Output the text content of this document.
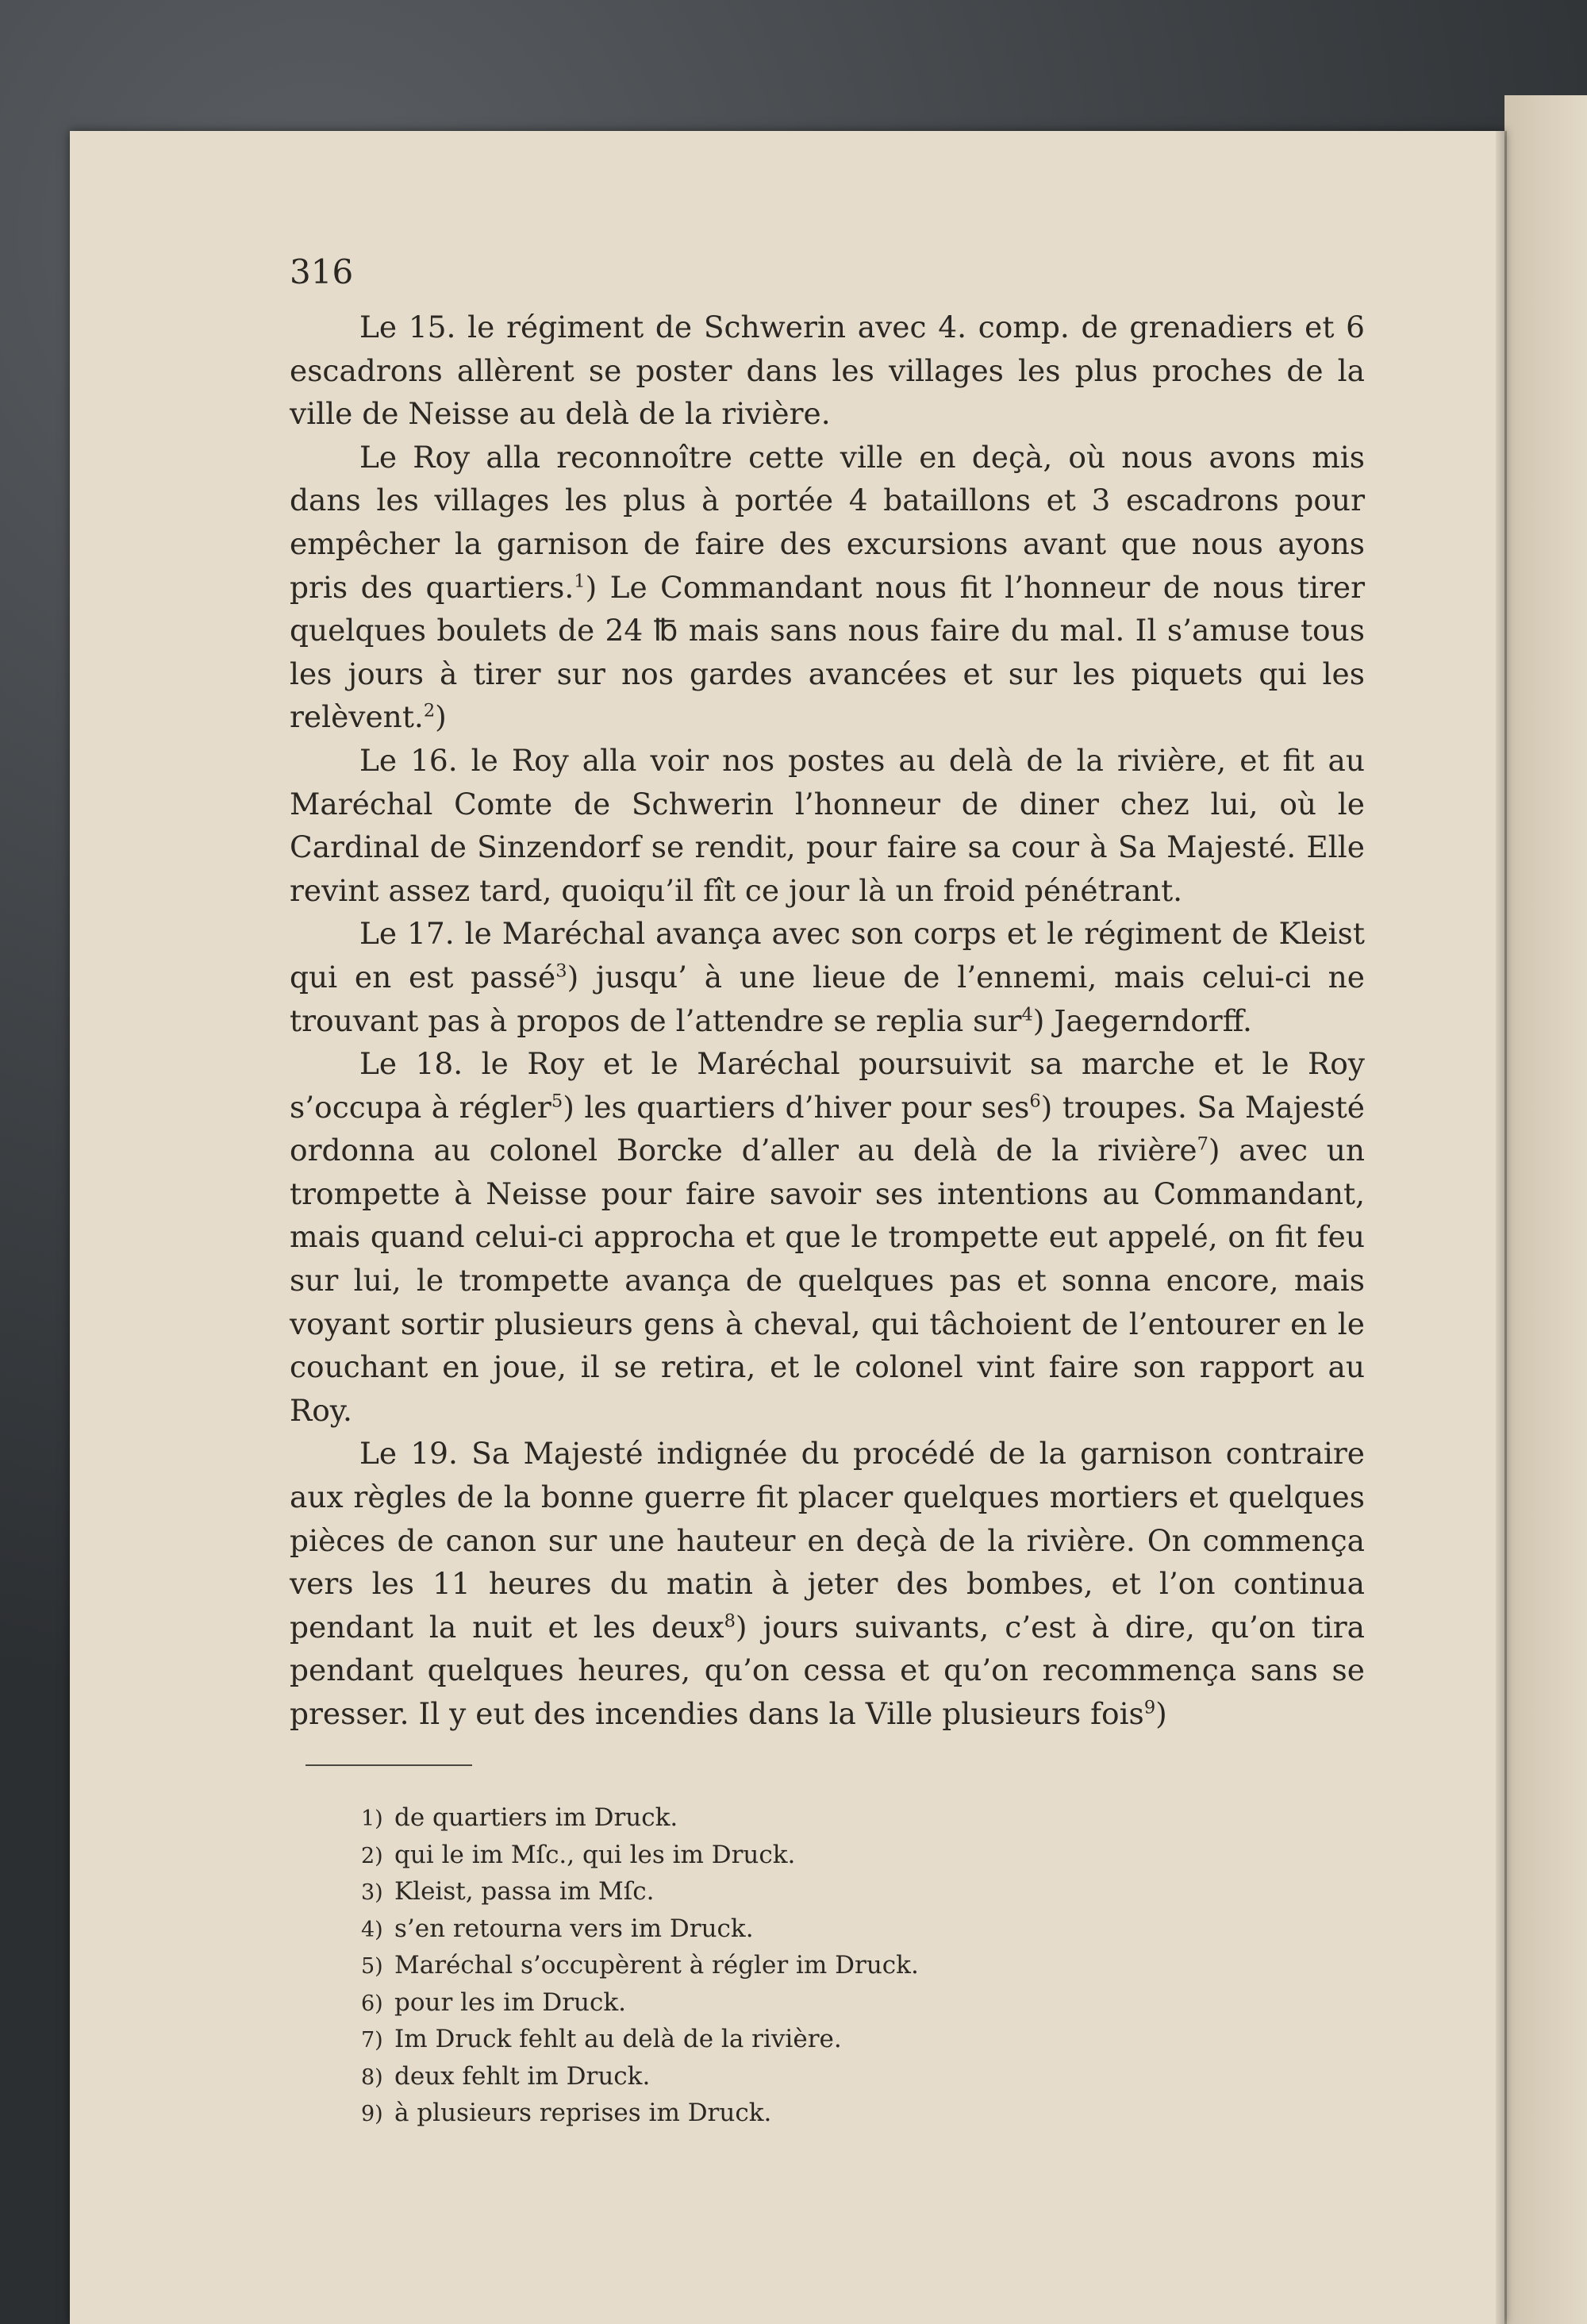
316

Le 15. le régiment de Schwerin avec 4. comp. de grenadiers et 6 escadrons allèrent se poster dans les villages les plus proches de la ville de Neisse au delà de la rivière.

Le Roy alla reconnoître cette ville en deçà, où nous avons mis dans les villages les plus à portée 4 bataillons et 3 escadrons pour empêcher la garnison de faire des excursions avant que nous ayons pris des quartiers.$^1$) Le Commandant nous fit l’honneur de nous tirer quelques boulets de 24 ℔ mais sans nous faire du mal. Il s’amuse tous les jours à tirer sur nos gardes avancées et sur les piquets qui les relèvent.$^2$)

Le 16. le Roy alla voir nos postes au delà de la rivière, et fit au Maréchal Comte de Schwerin l’honneur de diner chez lui, où le Cardinal de Sinzendorf se rendit, pour faire sa cour à Sa Majesté. Elle revint assez tard, quoiqu’il fît ce jour là un froid pénétrant.

Le 17. le Maréchal avança avec son corps et le régiment de Kleist qui en est passé$^3$) jusqu’ à une lieue de l’ennemi, mais celui-ci ne trouvant pas à propos de l’attendre se replia sur$^4$) Jaegerndorff.

Le 18. le Roy et le Maréchal poursuivit sa marche et le Roy s’occupa à régler$^5$) les quartiers d’hiver pour ses$^6$) troupes. Sa Majesté ordonna au colonel Borcke d’aller au delà de la rivière$^7$) avec un trompette à Neisse pour faire savoir ses intentions au Commandant, mais quand celui-ci approcha et que le trompette eut appelé, on fit feu sur lui, le trompette avança de quelques pas et sonna encore, mais voyant sortir plusieurs gens à cheval, qui tâchoient de l’entourer en le couchant en joue, il se retira, et le colonel vint faire son rapport au Roy.

Le 19. Sa Majesté indignée du procédé de la garnison contraire aux règles de la bonne guerre fit placer quelques mortiers et quelques pièces de canon sur une hauteur en deçà de la rivière. On commença vers les 11 heures du matin à jeter des bombes, et l’on continua pendant la nuit et les deux$^8$) jours suivants, c’est à dire, qu’on tira pendant quelques heures, qu’on cessa et qu’on recommença sans se presser. Il y eut des incendies dans la Ville plusieurs fois$^9$)

1) de quartiers im Druck.
2) qui le im Mſc., qui les im Druck.
3) Kleist, passa im Mſc.
4) s’en retourna vers im Druck.
5) Maréchal s’occupèrent à régler im Druck.
6) pour les im Druck.
7) Im Druck fehlt au delà de la rivière.
8) deux fehlt im Druck.
9) à plusieurs reprises im Druck.
